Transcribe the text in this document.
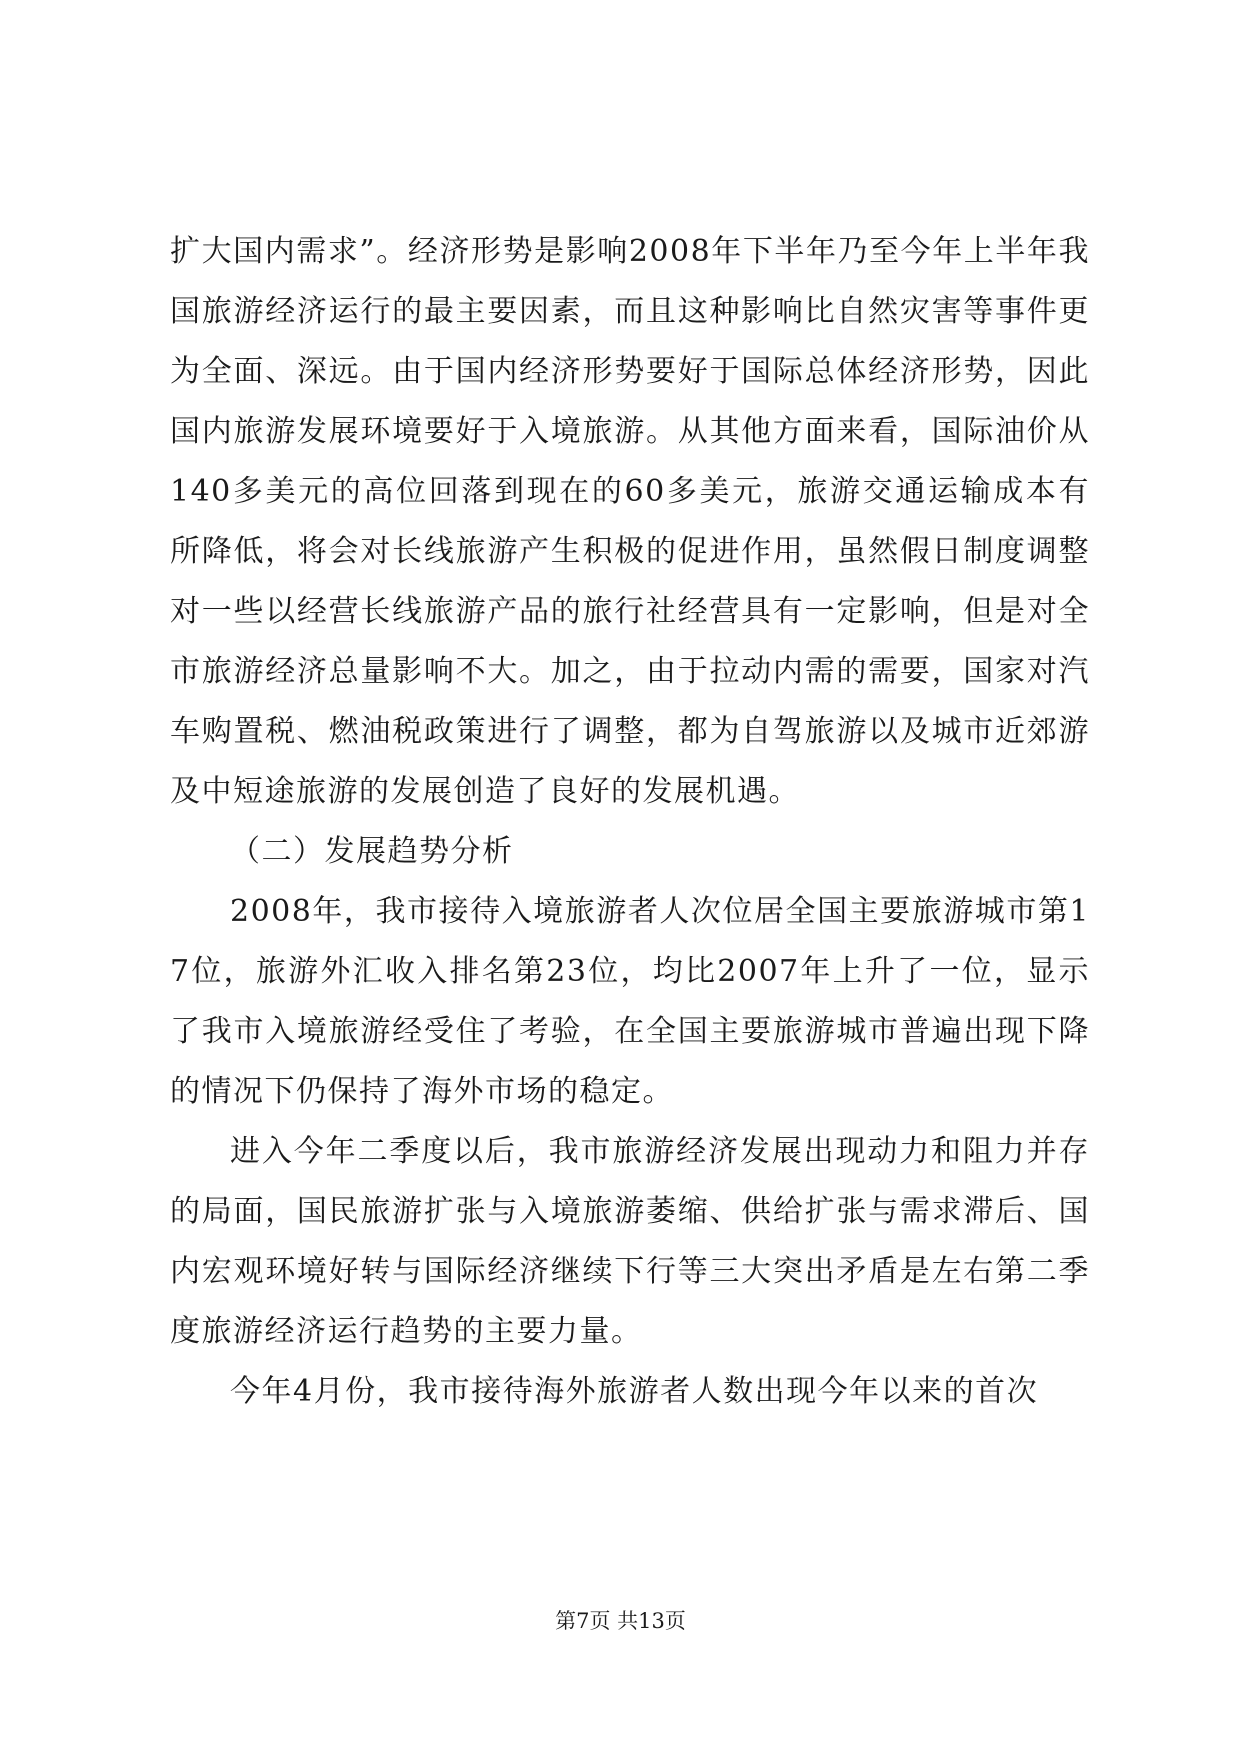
扩大国内需求”。经济形势是影响2008年下半年乃至今年上半年我国旅游经济运行的最主要因素，而且这种影响比自然灾害等事件更为全面、深远。由于国内经济形势要好于国际总体经济形势，因此国内旅游发展环境要好于入境旅游。从其他方面来看，国际油价从140多美元的高位回落到现在的60多美元，旅游交通运输成本有所降低，将会对长线旅游产生积极的促进作用，虽然假日制度调整对一些以经营长线旅游产品的旅行社经营具有一定影响，但是对全市旅游经济总量影响不大。加之，由于拉动内需的需要，国家对汽车购置税、燃油税政策进行了调整，都为自驾旅游以及城市近郊游及中短途旅游的发展创造了良好的发展机遇。

（二）发展趋势分析

2008年，我市接待入境旅游者人次位居全国主要旅游城市第17位，旅游外汇收入排名第23位，均比2007年上升了一位，显示了我市入境旅游经受住了考验，在全国主要旅游城市普遍出现下降的情况下仍保持了海外市场的稳定。

进入今年二季度以后，我市旅游经济发展出现动力和阻力并存的局面，国民旅游扩张与入境旅游萎缩、供给扩张与需求滞后、国内宏观环境好转与国际经济继续下行等三大突出矛盾是左右第二季度旅游经济运行趋势的主要力量。

今年4月份，我市接待海外旅游者人数出现今年以来的首次

第7页 共13页
